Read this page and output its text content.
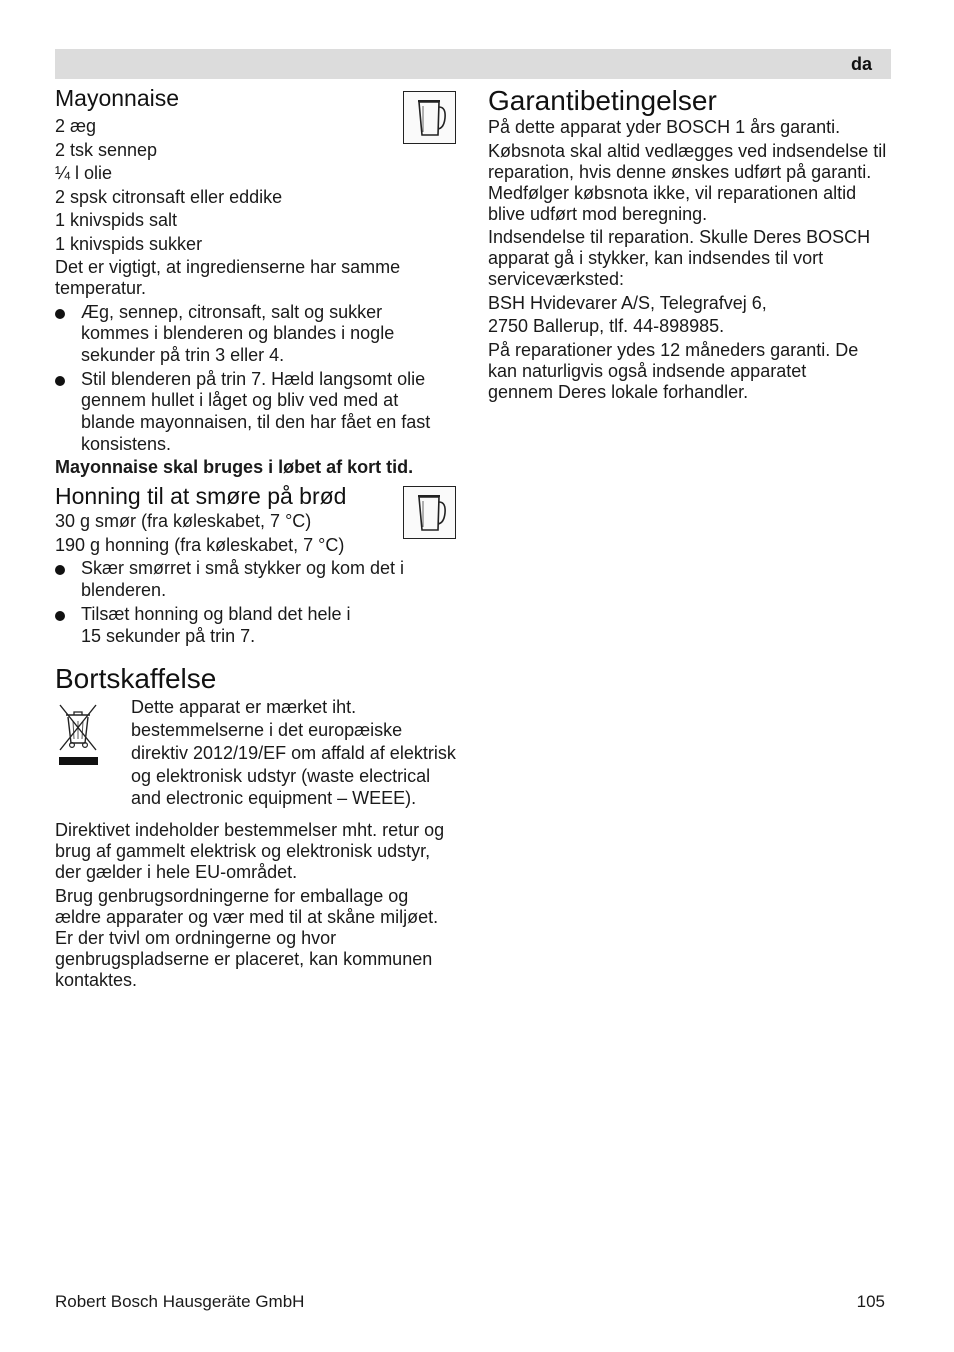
da
Mayonnaise

2 æg

2 tsk sennep

¼ l olie

2 spsk citronsaft eller eddike

1 knivspids salt

1 knivspids sukker

Det er vigtigt, at ingredienserne har samme temperatur.

Æg, sennep, citronsaft, salt og sukker kommes i blenderen og blandes i nogle sekunder på trin 3 eller 4.
Stil blenderen på trin 7. Hæld langsomt olie gennem hullet i låget og bliv ved med at blande mayonnaisen, til den har fået en fast konsistens.

Mayonnaise skal bruges i løbet af kort tid.

Honning til at smøre på brød

30 g smør (fra køleskabet, 7 °C)

190 g honning (fra køleskabet, 7 °C)

Skær smørret i små stykker og kom det i blenderen.
Tilsæt honning og bland det hele i 15 sekunder på trin 7.
Bortskaffelse

Dette apparat er mærket iht. bestemmelserne i det europæiske direktiv 2012/19/EF om affald af elektrisk og elektronisk udstyr (waste electrical and electronic equipment – WEEE).

Direktivet indeholder bestemmelser mht. retur og brug af gammelt elektrisk og elektronisk udstyr, der gælder i hele EU-området.

Brug genbrugsordningerne for emballage og ældre apparater og vær med til at skåne miljøet. Er der tvivl om ordningerne og hvor genbrugspladserne er placeret, kan kommunen kontaktes.

Garantibetingelser

På dette apparat yder BOSCH 1 års garanti.

Købsnota skal altid vedlægges ved indsendelse til reparation, hvis denne ønskes udført på garanti. Medfølger købsnota ikke, vil reparationen altid blive udført mod beregning.

Indsendelse til reparation. Skulle Deres BOSCH apparat gå i stykker, kan indsendes til vort serviceværksted:

BSH Hvidevarer A/S, Telegrafvej 6,

2750 Ballerup, tlf. 44-898985.

På reparationer ydes 12 måneders garanti. De kan naturligvis også indsende apparatet gennem Deres lokale forhandler.

Robert Bosch Hausgeräte GmbH	105
